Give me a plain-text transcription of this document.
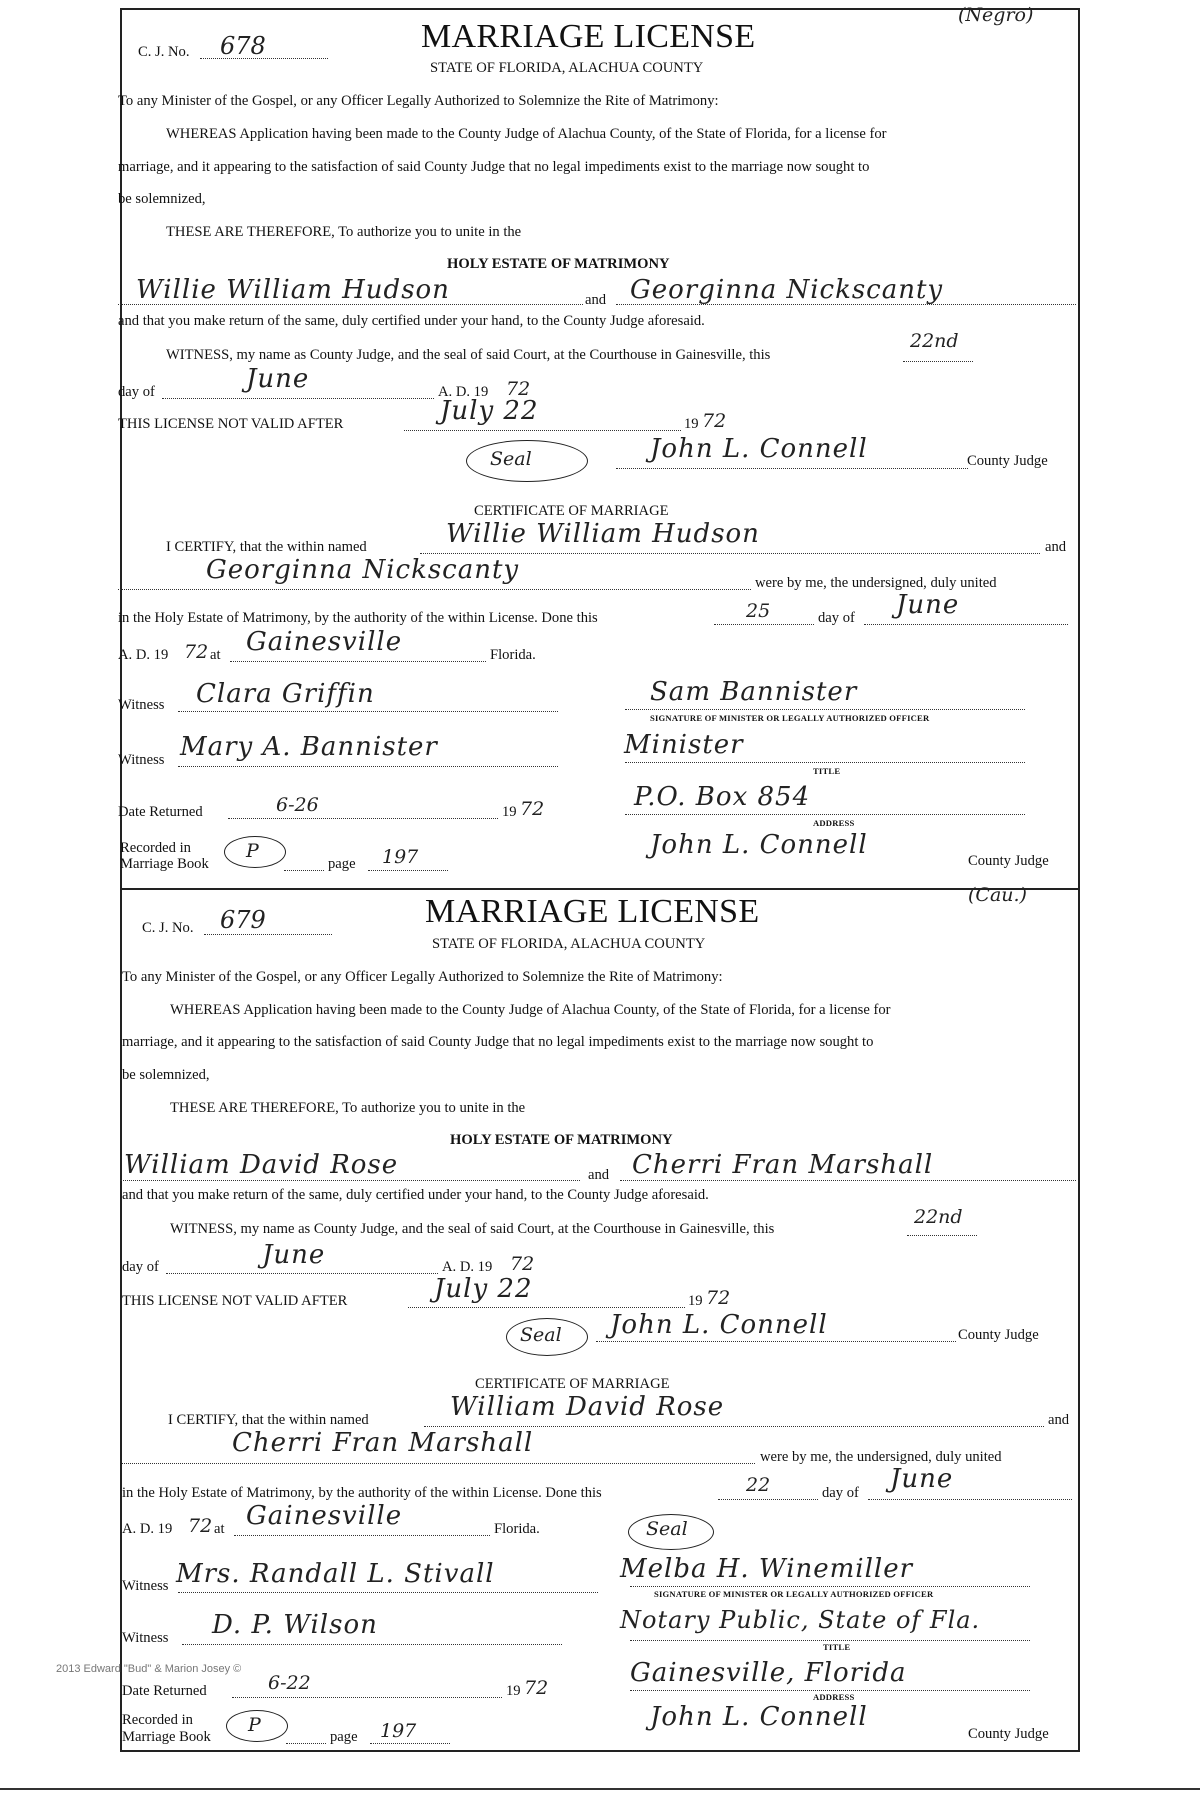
C. J. No. 678	MARRIAGE LICENSE
STATE OF FLORIDA, ALACHUA COUNTY
(Negro)
To any Minister of the Gospel, or any Officer Legally Authorized to Solemnize the Rite of Matrimony:
WHEREAS Application having been made to the County Judge of Alachua County, of the State of Florida, for a license for
marriage, and it appearing to the satisfaction of said County Judge that no legal impediments exist to the marriage now sought to
be solemnized,
THESE ARE THEREFORE, To authorize you to unite in the
HOLY ESTATE OF MATRIMONY
Willie William Hudson	and Georginna Nickscanty
and that you make return of the same, duly certified under your hand, to the County Judge aforesaid.
WITNESS, my name as County Judge, and the seal of said Court, at the Courthouse in Gainesville, this
22nd
day of	June	A. D. 19 72
THIS LICENSE NOT VALID AFTER	July 22	19 72
Seal	John L. Connell	County Judge
CERTIFICATE OF MARRIAGE
I CERTIFY, that the within named	Willie William Hudson	and
Georginna Nickscanty	were by me, the undersigned, duly united
in the Holy Estate of Matrimony, by the authority of the within License. Done this	25	day of June
A. D. 19 72 at Gainesville	Florida.
Witness Clara Griffin	Sam Bannister
SIGNATURE OF MINISTER OR LEGALLY AUTHORIZED OFFICER
Witness Mary A. Bannister	Minister
TITLE
Date Returned	6-26	19 72	P.O. Box 854
ADDRESS
Recorded in
Marriage Book
P
page 197	John L. Connell
County Judge
C. J. No. 679	MARRIAGE LICENSE
STATE OF FLORIDA, ALACHUA COUNTY
(Cau.)
To any Minister of the Gospel, or any Officer Legally Authorized to Solemnize the Rite of Matrimony:
WHEREAS Application having been made to the County Judge of Alachua County, of the State of Florida, for a license for
marriage, and it appearing to the satisfaction of said County Judge that no legal impediments exist to the marriage now sought to
be solemnized,
THESE ARE THEREFORE, To authorize you to unite in the
HOLY ESTATE OF MATRIMONY
William David Rose	and Cherri Fran Marshall
and that you make return of the same, duly certified under your hand, to the County Judge aforesaid.
WITNESS, my name as County Judge, and the seal of said Court, at the Courthouse in Gainesville, this
22nd
day of	June	A. D. 19 72
THIS LICENSE NOT VALID AFTER	July 22	19 72
Seal John L. Connell	County Judge
CERTIFICATE OF MARRIAGE
I CERTIFY, that the within named	William David Rose	and
Cherri Fran Marshall	were by me, the undersigned, duly united
in the Holy Estate of Matrimony, by the authority of the within License. Done this	22	day of June
A. D. 19 72 at Gainesville	Florida.	Seal
Witness Mrs. Randall L. Stivall	Melba H. Winemiller
SIGNATURE OF MINISTER OR LEGALLY AUTHORIZED OFFICER
Witness D. P. Wilson	Notary Public, State of Fla.
TITLE
2013 Edward "Bud" & Marion Josey ©
Date Returned	6-22	19 72	Gainesville, Florida
ADDRESS
Recorded in
Marriage Book
P
page 197	John L. Connell
County Judge
